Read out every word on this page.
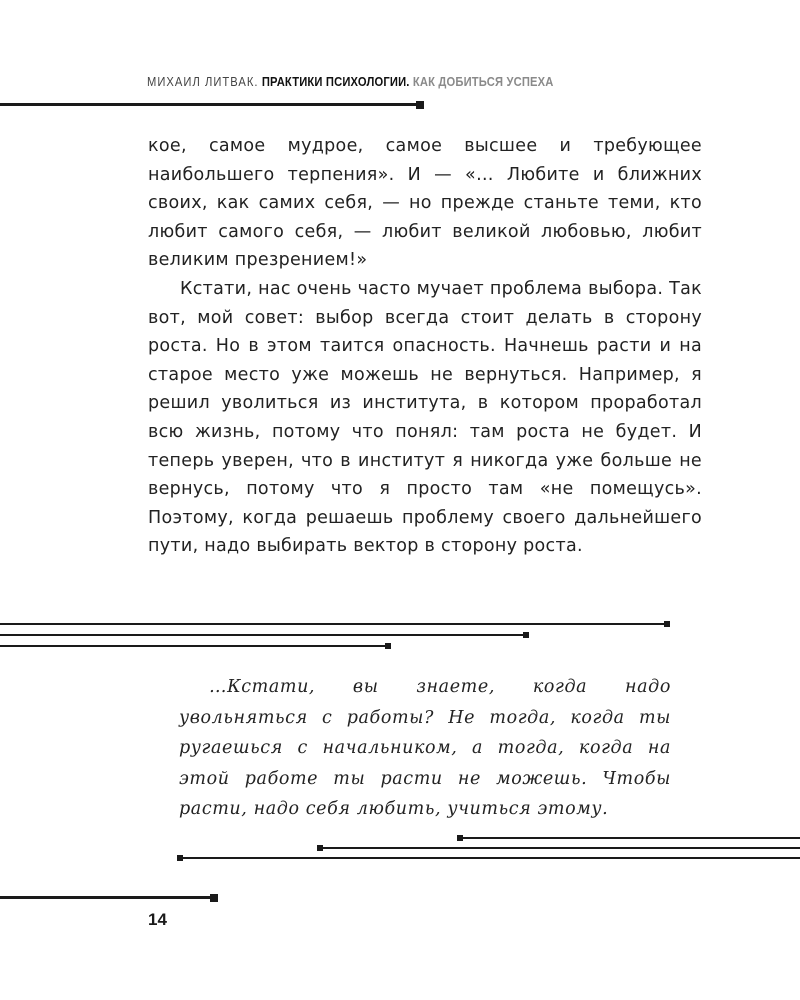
МИХАИЛ ЛИТВАК. ПРАКТИКИ ПСИХОЛОГИИ. КАК ДОБИТЬСЯ УСПЕХА

кое, самое мудрое, самое высшее и требующее наибольшего терпения». И — «… Любите и ближних своих, как самих себя, — но прежде станьте теми, кто любит самого себя, — любит великой любовью, любит великим презрением!»

Кстати, нас очень часто мучает проблема выбора. Так вот, мой совет: выбор всегда стоит делать в сторону роста. Но в этом таится опасность. Начнешь расти и на старое место уже можешь не вернуться. Например, я решил уволиться из института, в котором проработал всю жизнь, потому что понял: там роста не будет. И теперь уверен, что в институт я никогда уже больше не вернусь, потому что я просто там «не помещусь». Поэтому, когда решаешь проблему своего дальнейшего пути, надо выбирать вектор в сторону роста.

…Кстати, вы знаете, когда надо увольняться с работы? Не тогда, когда ты ругаешься с начальником, а тогда, когда на этой работе ты расти не можешь. Чтобы расти, надо себя любить, учиться этому.

14
